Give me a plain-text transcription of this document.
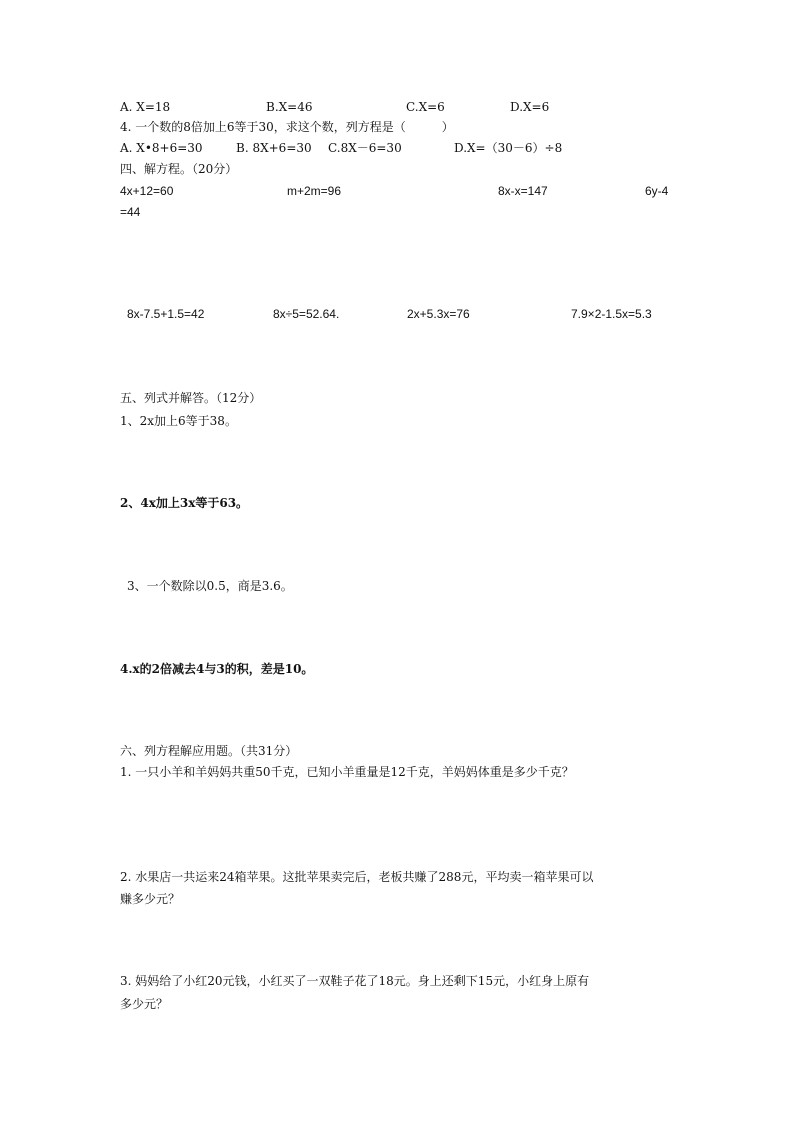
A. X=18	B.X=46	C.X=6	D.X=6
4. 一个数的8倍加上6等于30，求这个数，列方程是（　　　）
A. X•8+6=30	B. 8X+6=30 C.8X－6=30	D.X=（30－6）÷8
四、解方程。（20分）
4x+12=60	m+2m=96	8x-x=147	6y-4
=44
8x-7.5+1.5=42	8x÷5=52.64.	2x+5.3x=76	7.9×2-1.5x=5.3
五、列式并解答。（12分）
1、2x加上6等于38。
2、4x加上3x等于63。
3、一个数除以0.5，商是3.6。
4.x的2倍减去4与3的积，差是10。
六、列方程解应用题。（共31分）
1. 一只小羊和羊妈妈共重50千克，已知小羊重量是12千克，羊妈妈体重是多少千克？
2. 水果店一共运来24箱苹果。这批苹果卖完后，老板共赚了288元，平均卖一箱苹果可以
赚多少元？
3. 妈妈给了小红20元钱，小红买了一双鞋子花了18元。身上还剩下15元，小红身上原有
多少元？
